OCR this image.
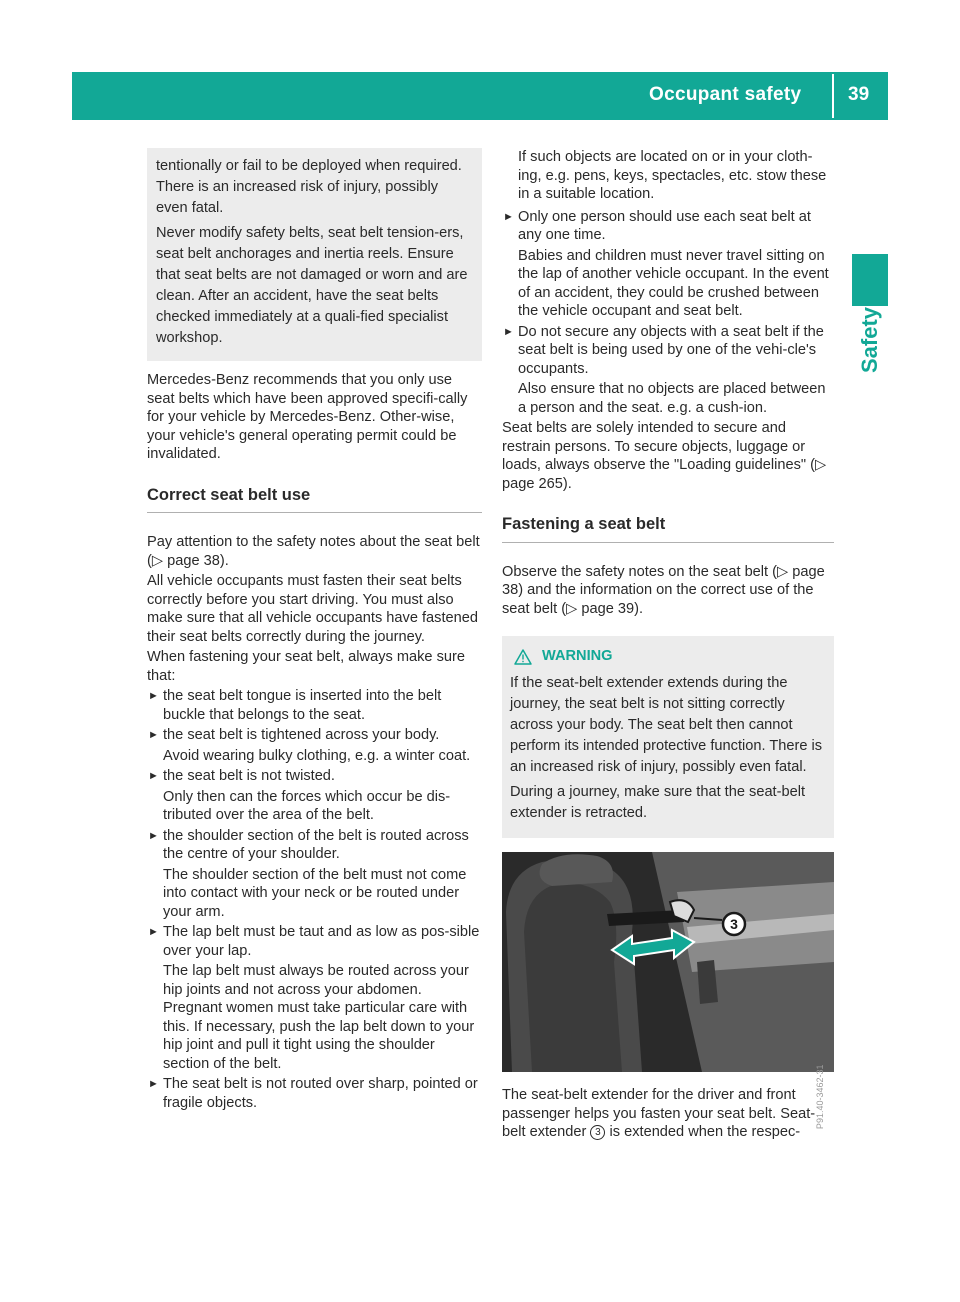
Occupant safety 39
Safety

tentionally or fail to be deployed when required. There is an increased risk of injury, possibly even fatal.

Never modify safety belts, seat belt tension-ers, seat belt anchorages and inertia reels. Ensure that seat belts are not damaged or worn and are clean. After an accident, have the seat belts checked immediately at a quali-fied specialist workshop.

Mercedes-Benz recommends that you only use seat belts which have been approved specifi-cally for your vehicle by Mercedes-Benz. Other-wise, your vehicle's general operating permit could be invalidated.

Correct seat belt use

Pay attention to the safety notes about the seat belt (▷ page 38).

All vehicle occupants must fasten their seat belts correctly before you start driving. You must also make sure that all vehicle occupants have fastened their seat belts correctly during the journey.

When fastening your seat belt, always make sure that:

► the seat belt tongue is inserted into the belt buckle that belongs to the seat.
► the seat belt is tightened across your body.

Avoid wearing bulky clothing, e.g. a winter coat.

► the seat belt is not twisted.

Only then can the forces which occur be dis-tributed over the area of the belt.

► the shoulder section of the belt is routed across the centre of your shoulder.

The shoulder section of the belt must not come into contact with your neck or be routed under your arm.

► The lap belt must be taut and as low as pos-sible over your lap.

The lap belt must always be routed across your hip joints and not across your abdomen. Pregnant women must take particular care with this. If necessary, push the lap belt down to your hip joint and pull it tight using the shoulder section of the belt.

► The seat belt is not routed over sharp, pointed or fragile objects.

If such objects are located on or in your cloth-ing, e.g. pens, keys, spectacles, etc. stow these in a suitable location.

► Only one person should use each seat belt at any one time.

Babies and children must never travel sitting on the lap of another vehicle occupant. In the event of an accident, they could be crushed between the vehicle occupant and seat belt.

► Do not secure any objects with a seat belt if the seat belt is being used by one of the vehi-cle's occupants.

Also ensure that no objects are placed between a person and the seat. e.g. a cush-ion.

Seat belts are solely intended to secure and restrain persons. To secure objects, luggage or loads, always observe the "Loading guidelines" (▷ page 265).

Fastening a seat belt

Observe the safety notes on the seat belt (▷ page 38) and the information on the correct use of the seat belt (▷ page 39).

WARNING

If the seat-belt extender extends during the journey, the seat belt is not sitting correctly across your body. The seat belt then cannot perform its intended protective function. There is an increased risk of injury, possibly even fatal.

During a journey, make sure that the seat-belt extender is retracted.

3
P91.40-3462-31

The seat-belt extender for the driver and front passenger helps you fasten your seat belt. Seat-belt extender 3 is extended when the respec-
